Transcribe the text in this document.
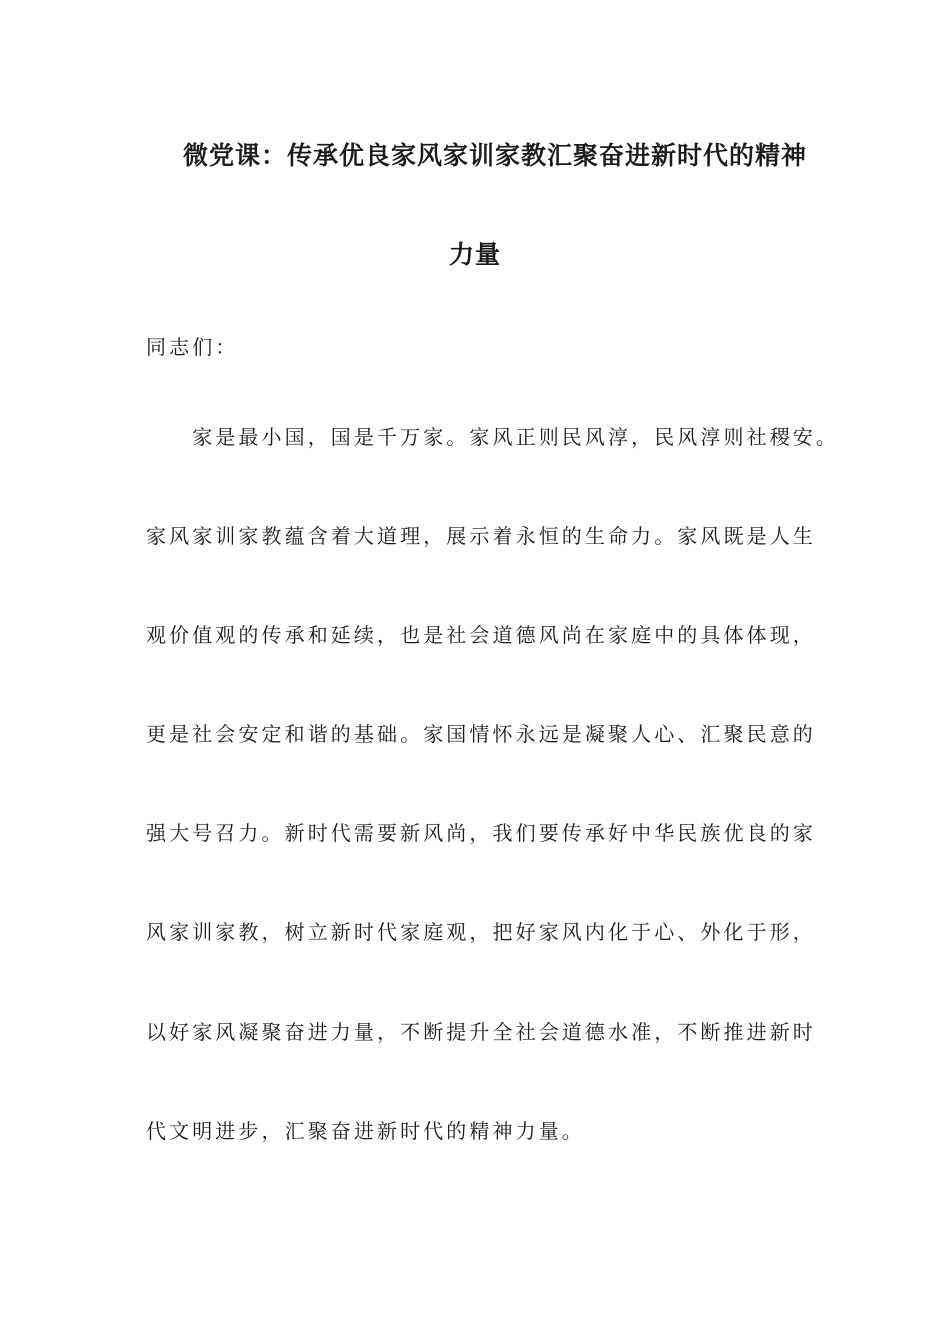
微党课：传承优良家风家训家教汇聚奋进新时代的精神
力量
同志们：
　　家是最小国，国是千万家。家风正则民风淳，民风淳则社稷安。
家风家训家教蕴含着大道理，展示着永恒的生命力。家风既是人生
观价值观的传承和延续，也是社会道德风尚在家庭中的具体体现，
更是社会安定和谐的基础。家国情怀永远是凝聚人心、汇聚民意的
强大号召力。新时代需要新风尚，我们要传承好中华民族优良的家
风家训家教，树立新时代家庭观，把好家风内化于心、外化于形，
以好家风凝聚奋进力量，不断提升全社会道德水准，不断推进新时
代文明进步，汇聚奋进新时代的精神力量。
